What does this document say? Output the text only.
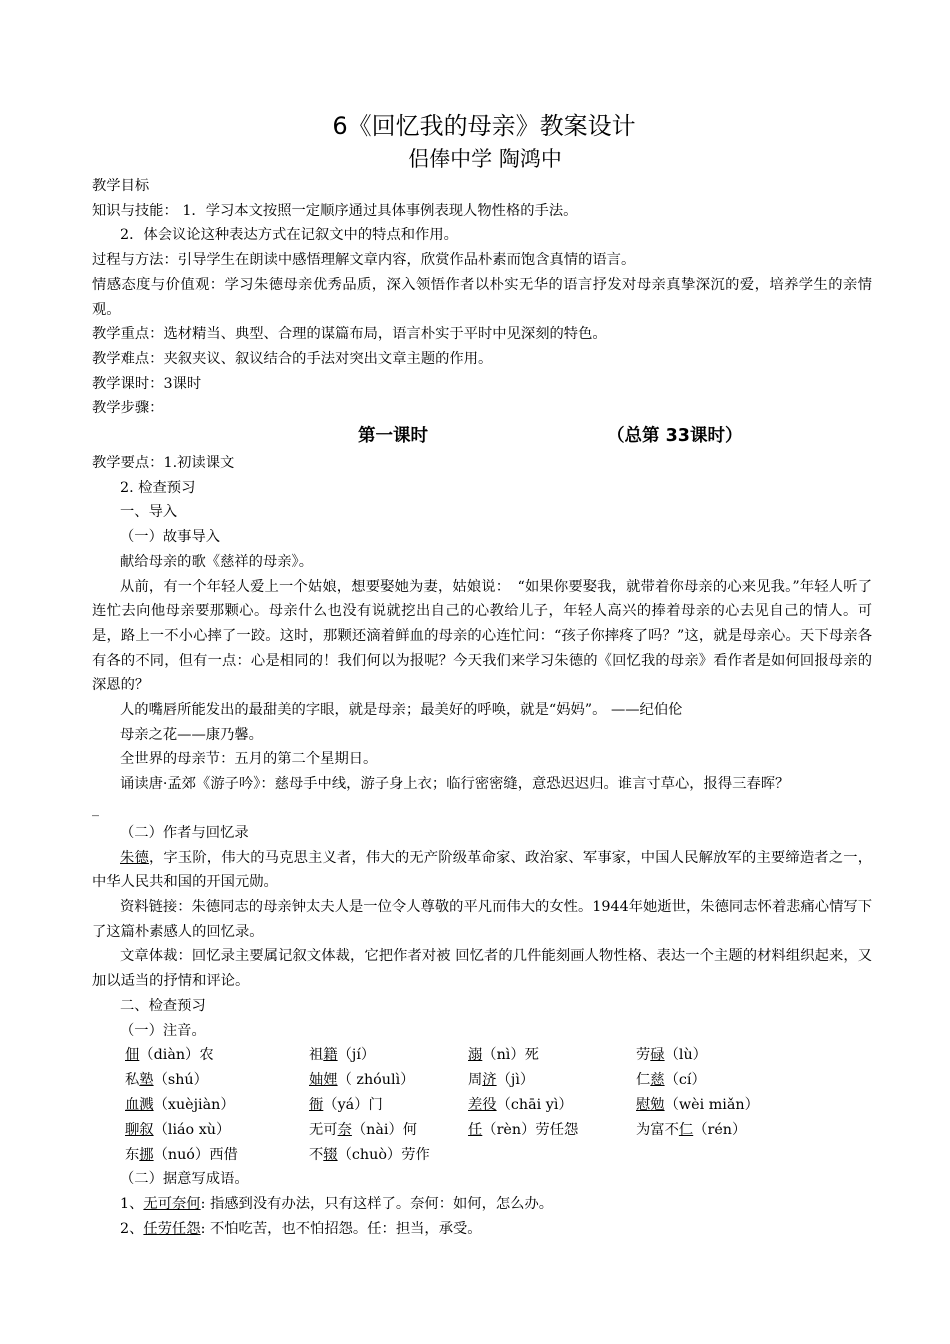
6《回忆我的母亲》教案设计
侣俸中学 陶鸿中
教学目标
知识与技能： 1．学习本文按照一定顺序通过具体事例表现人物性格的手法。
2．体会议论这种表达方式在记叙文中的特点和作用。
过程与方法：引导学生在朗读中感悟理解文章内容，欣赏作品朴素而饱含真情的语言。
情感态度与价值观：学习朱德母亲优秀品质，深入领悟作者以朴实无华的语言抒发对母亲真挚深沉的爱，培养学生的亲情观。
教学重点：选材精当、典型、合理的谋篇布局，语言朴实于平时中见深刻的特色。
教学难点：夹叙夹议、叙议结合的手法对突出文章主题的作用。
教学课时：3课时
教学步骤：
第一课时	（总第 33课时）
教学要点：1.初读课文
2. 检查预习
一、导入
（一）故事导入
献给母亲的歌《慈祥的母亲》。
从前，有一个年轻人爱上一个姑娘，想要娶她为妻，姑娘说：　“如果你要娶我，就带着你母亲的心来见我。”年轻人听了连忙去向他母亲要那颗心。母亲什么也没有说就挖出自己的心教给儿子，年轻人高兴的捧着母亲的心去见自己的情人。可是，路上一不小心摔了一跤。这时，那颗还滴着鲜血的母亲的心连忙问：“孩子你摔疼了吗？”这，就是母亲心。天下母亲各有各的不同，但有一点：心是相同的！我们何以为报呢？今天我们来学习朱德的《回忆我的母亲》看作者是如何回报母亲的深恩的？
人的嘴唇所能发出的最甜美的字眼，就是母亲；最美好的呼唤，就是“妈妈”。 ——纪伯伦
母亲之花——康乃馨。
全世界的母亲节：五月的第二个星期日。
诵读唐·孟郊《游子吟》：慈母手中线，游子身上衣；临行密密缝，意恐迟迟归。谁言寸草心，报得三春晖？
_
（二）作者与回忆录
朱德，字玉阶，伟大的马克思主义者，伟大的无产阶级革命家、政治家、军事家，中国人民解放军的主要缔造者之一，中华人民共和国的开国元勋。
资料链接：朱德同志的母亲钟太夫人是一位令人尊敬的平凡而伟大的女性。1944年她逝世，朱德同志怀着悲痛心情写下了这篇朴素感人的回忆录。
文章体裁：回忆录主要属记叙文体裁，它把作者对被 回忆者的几件能刻画人物性格、表达一个主题的材料组织起来，又加以适当的抒情和评论。
二、检查预习
（一）注音。
佃（diàn）农	祖籍（jí）	溺（nì）死	劳碌（lù）
私塾（shú）	妯娌（ zhóulì）	周济（jì）	仁慈（cí）
血溅（xuèjiàn）	衙（yá）门	差役（chāi yì）	慰勉（wèi miǎn）
聊叙（liáo xù）	无可奈（nài）何	任（rèn）劳任怨	为富不仁（rén）
东挪（nuó）西借	不辍（chuò）劳作
（二）据意写成语。
1、无可奈何: 指感到没有办法，只有这样了。奈何：如何，怎么办。
2、任劳任怨: 不怕吃苦，也不怕招怨。任：担当，承受。
